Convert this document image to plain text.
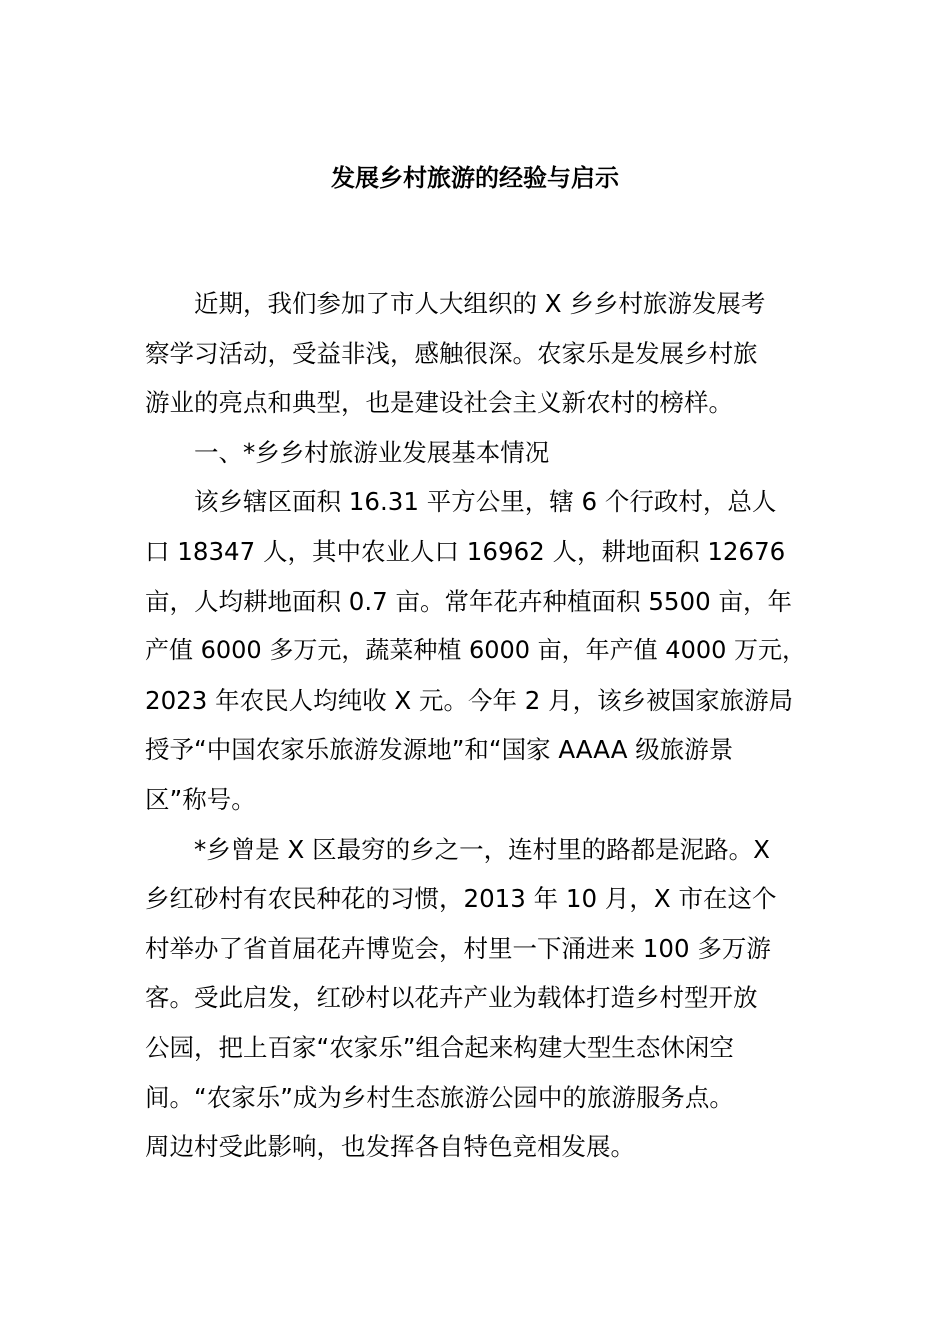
发展乡村旅游的经验与启示

近期，我们参加了市人大组织的 X 乡乡村旅游发展考

察学习活动，受益非浅，感触很深。农家乐是发展乡村旅

游业的亮点和典型，也是建设社会主义新农村的榜样。

一、*乡乡村旅游业发展基本情况

该乡辖区面积 16.31 平方公里，辖 6 个行政村，总人

口 18347 人，其中农业人口 16962 人，耕地面积 12676

亩，人均耕地面积 0.7 亩。常年花卉种植面积 5500 亩，年

产值 6000 多万元，蔬菜种植 6000 亩，年产值 4000 万元，

2023 年农民人均纯收 X 元。今年 2 月，该乡被国家旅游局

授予“中国农家乐旅游发源地”和“国家 AAAA 级旅游景

区”称号。

*乡曾是 X 区最穷的乡之一，连村里的路都是泥路。X

乡红砂村有农民种花的习惯，2013 年 10 月，X 市在这个

村举办了省首届花卉博览会，村里一下涌进来 100 多万游

客。受此启发，红砂村以花卉产业为载体打造乡村型开放

公园，把上百家“农家乐”组合起来构建大型生态休闲空

间。“农家乐”成为乡村生态旅游公园中的旅游服务点。

周边村受此影响，也发挥各自特色竞相发展。
